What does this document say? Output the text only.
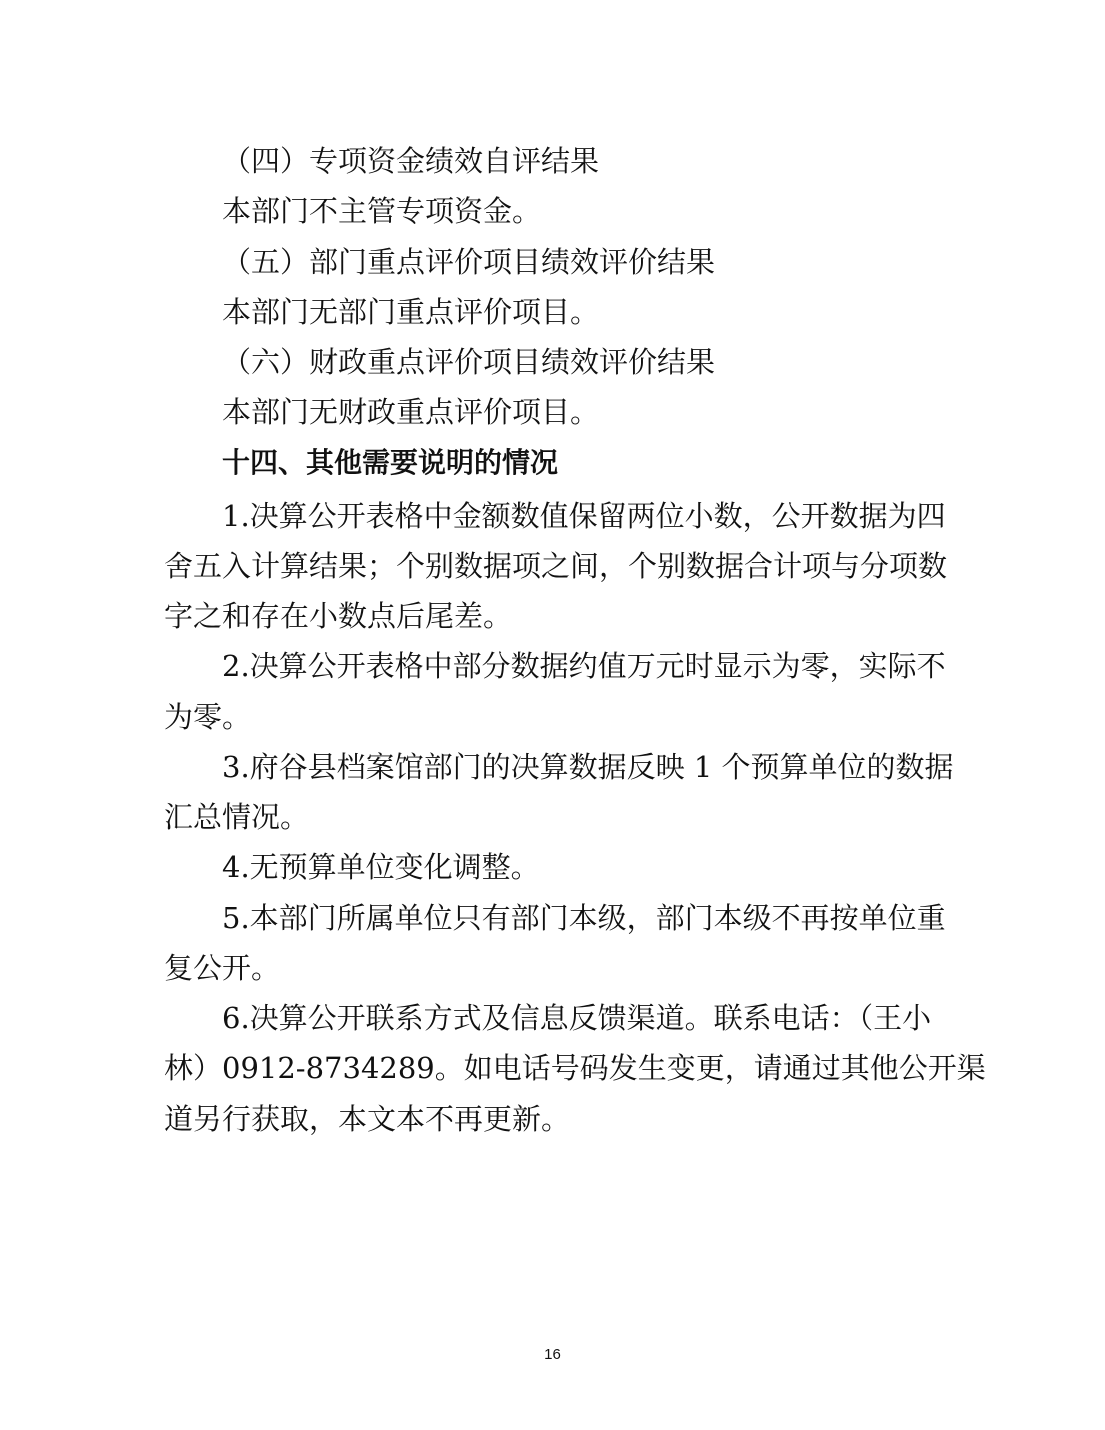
（四）专项资金绩效自评结果
本部门不主管专项资金。
（五）部门重点评价项目绩效评价结果
本部门无部门重点评价项目。
（六）财政重点评价项目绩效评价结果
本部门无财政重点评价项目。
十四、其他需要说明的情况
1.决算公开表格中金额数值保留两位小数，公开数据为四
舍五入计算结果；个别数据项之间，个别数据合计项与分项数
字之和存在小数点后尾差。
2.决算公开表格中部分数据约值万元时显示为零，实际不
为零。
3.府谷县档案馆部门的决算数据反映 1 个预算单位的数据
汇总情况。
4.无预算单位变化调整。
5.本部门所属单位只有部门本级，部门本级不再按单位重
复公开。
6.决算公开联系方式及信息反馈渠道。联系电话：（王小
林）0912-8734289。如电话号码发生变更，请通过其他公开渠
道另行获取，本文本不再更新。
16
